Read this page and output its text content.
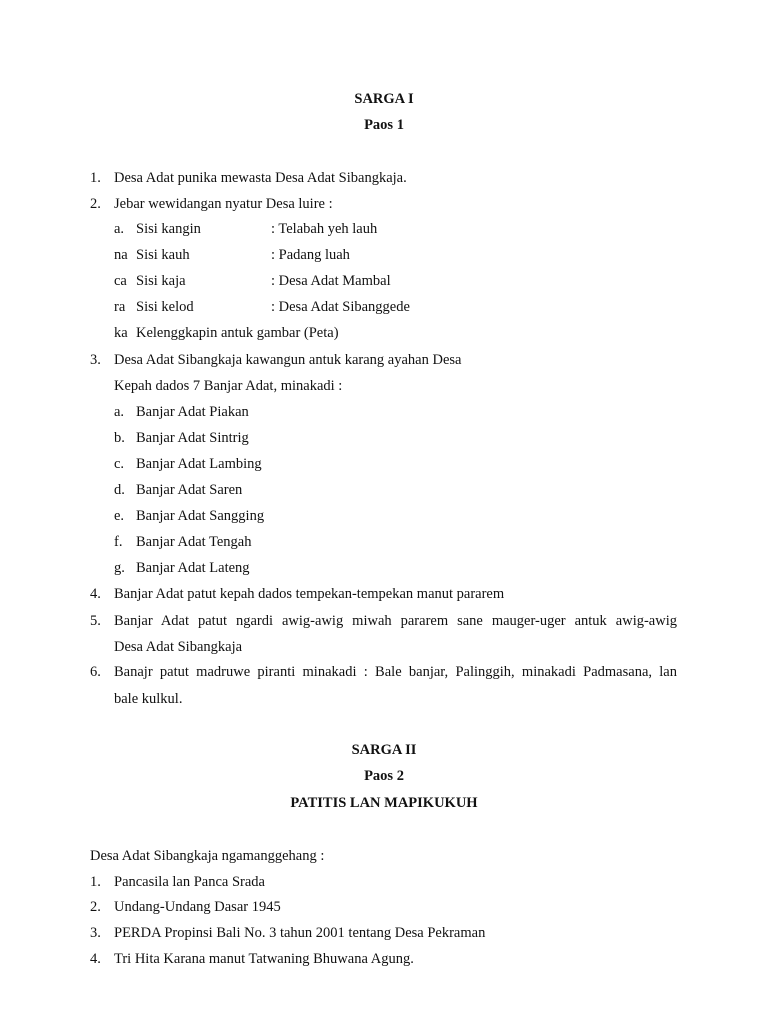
SARGA I
Paos 1
1. Desa Adat punika mewasta Desa Adat Sibangkaja.
2. Jebar wewidangan nyatur Desa luire :
a. Sisi kangin	: Telabah yeh lauh
na Sisi kauh	: Padang luah
ca Sisi kaja	: Desa Adat Mambal
ra Sisi kelod	: Desa Adat Sibanggede
ka Kelenggkapin antuk gambar (Peta)
3. Desa Adat Sibangkaja kawangun antuk karang ayahan Desa
Kepah dados 7 Banjar Adat, minakadi :
a. Banjar Adat Piakan
b. Banjar Adat Sintrig
c. Banjar Adat Lambing
d. Banjar Adat Saren
e. Banjar Adat Sangging
f. Banjar Adat Tengah
g. Banjar Adat Lateng
4. Banjar Adat patut kepah dados tempekan-tempekan manut pararem
5. Banjar Adat patut ngardi awig-awig miwah pararem sane mauger-uger antuk awig-awig
Desa Adat Sibangkaja
6. Banajr patut madruwe piranti minakadi : Bale banjar, Palinggih, minakadi Padmasana, lan
bale kulkul.
SARGA II
Paos 2
PATITIS LAN MAPIKUKUH
Desa Adat Sibangkaja ngamanggehang :
1. Pancasila lan Panca Srada
2. Undang-Undang Dasar 1945
3. PERDA Propinsi Bali No. 3 tahun 2001 tentang Desa Pekraman
4. Tri Hita Karana manut Tatwaning Bhuwana Agung.
